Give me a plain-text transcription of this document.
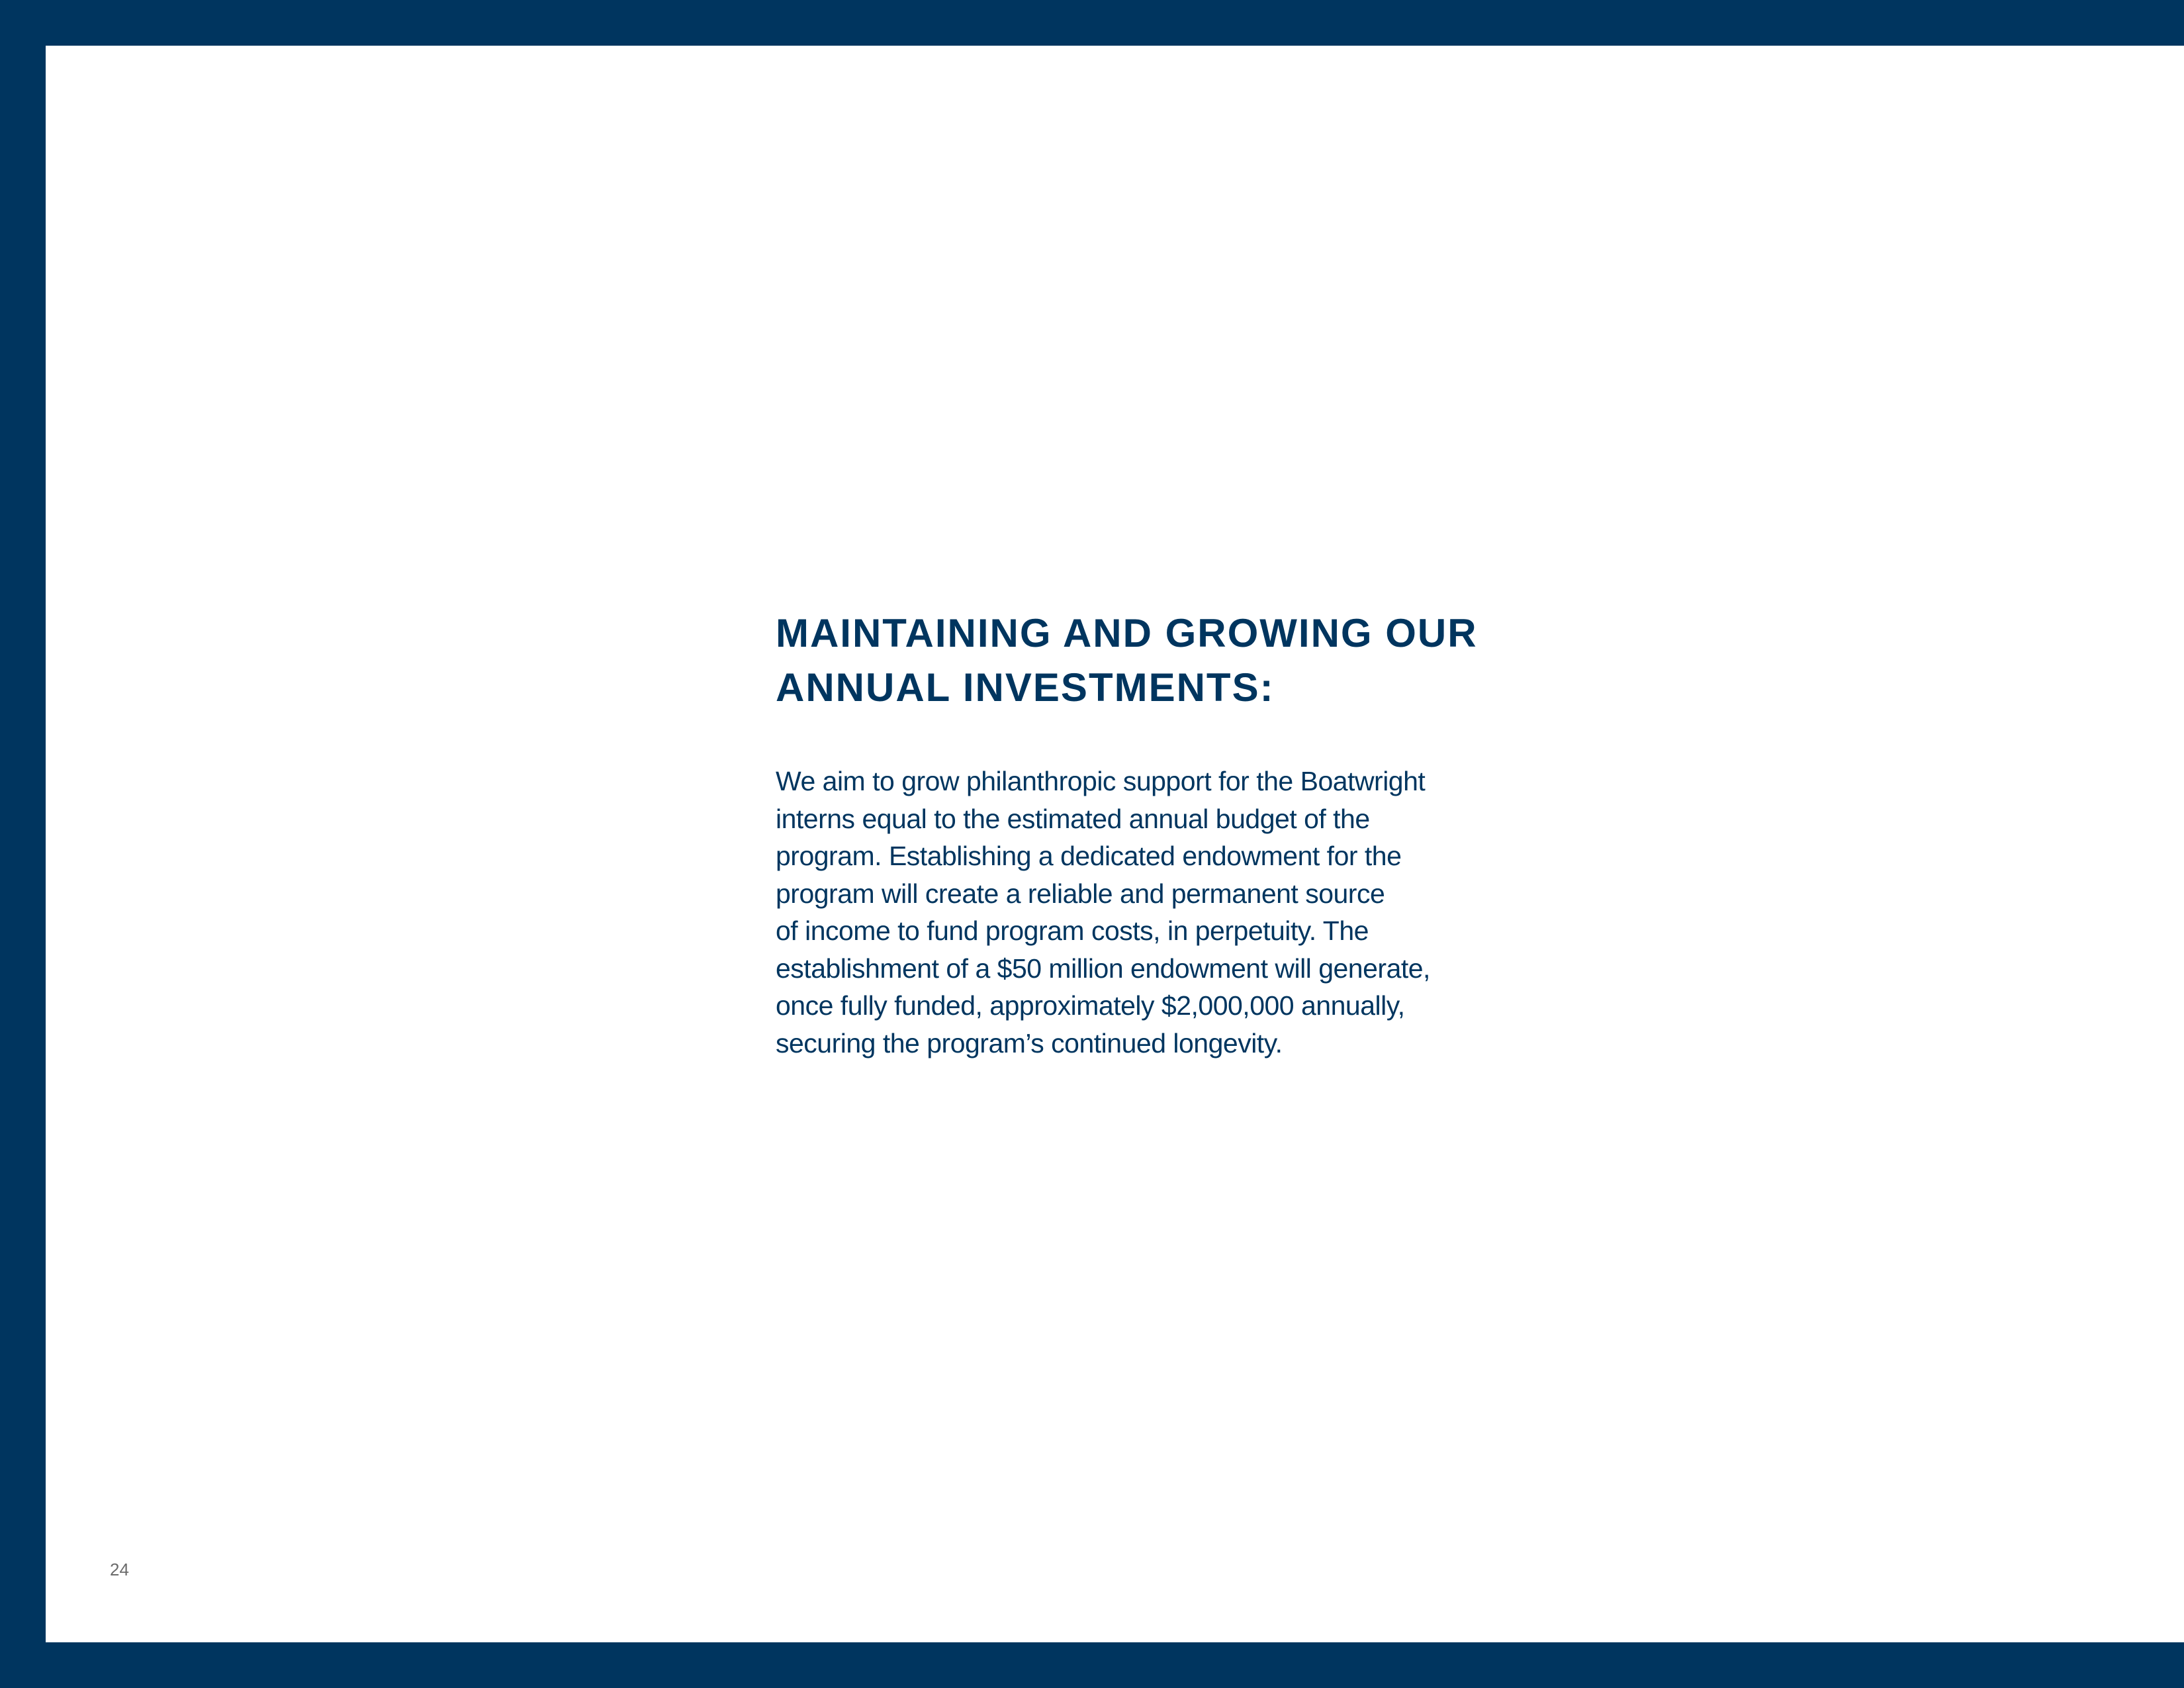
MAINTAINING AND GROWING OUR
ANNUAL INVESTMENTS:

We aim to grow philanthropic support for the Boatwright
interns equal to the estimated annual budget of the
program. Establishing a dedicated endowment for the
program will create a reliable and permanent source
of income to fund program costs, in perpetuity. The
establishment of a $50 million endowment will generate,
once fully funded, approximately $2,000,000 annually,
securing the program’s continued longevity.

24
